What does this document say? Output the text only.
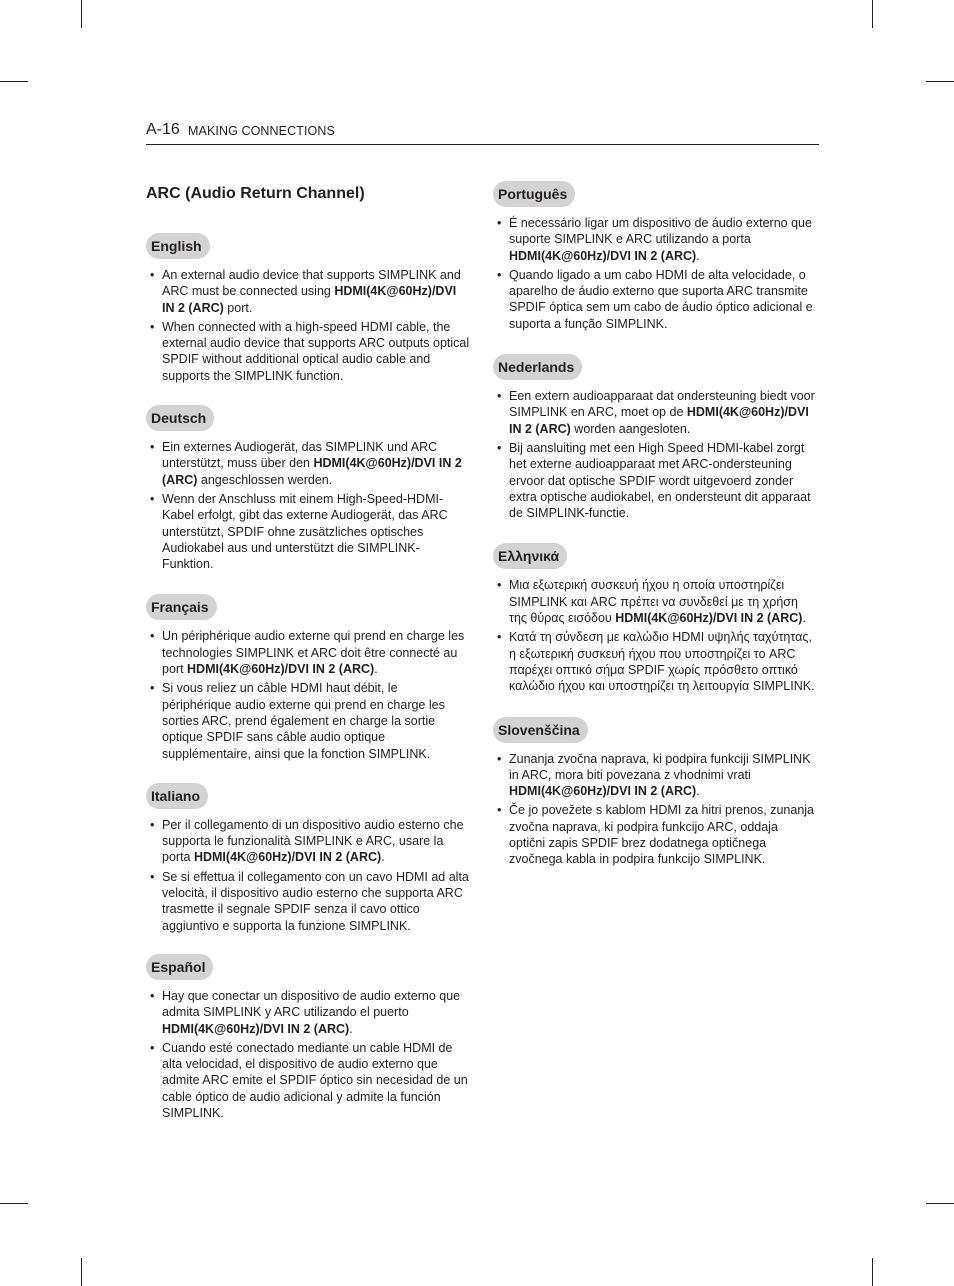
A-16 MAKING CONNECTIONS
ARC (Audio Return Channel)
English
• An external audio device that supports SIMPLINK and ARC must be connected using HDMI(4K@60Hz)/DVI IN 2 (ARC) port.
• When connected with a high-speed HDMI cable, the external audio device that supports ARC outputs optical SPDIF without additional optical audio cable and supports the SIMPLINK function.
Deutsch
• Ein externes Audiogerät, das SIMPLINK und ARC unterstützt, muss über den HDMI(4K@60Hz)/DVI IN 2 (ARC) angeschlossen werden.
• Wenn der Anschluss mit einem High-Speed-HDMI-Kabel erfolgt, gibt das externe Audiogerät, das ARC unterstützt, SPDIF ohne zusätzliches optisches Audiokabel aus und unterstützt die SIMPLINK-Funktion.
Français
• Un périphérique audio externe qui prend en charge les technologies SIMPLINK et ARC doit être connecté au port HDMI(4K@60Hz)/DVI IN 2 (ARC).
• Si vous reliez un câble HDMI haut débit, le périphérique audio externe qui prend en charge les sorties ARC, prend également en charge la sortie optique SPDIF sans câble audio optique supplémentaire, ainsi que la fonction SIMPLINK.
Italiano
• Per il collegamento di un dispositivo audio esterno che supporta le funzionalità SIMPLINK e ARC, usare la porta HDMI(4K@60Hz)/DVI IN 2 (ARC).
• Se si effettua il collegamento con un cavo HDMI ad alta velocità, il dispositivo audio esterno che supporta ARC trasmette il segnale SPDIF senza il cavo ottico aggiuntivo e supporta la funzione SIMPLINK.
Español
• Hay que conectar un dispositivo de audio externo que admita SIMPLINK y ARC utilizando el puerto HDMI(4K@60Hz)/DVI IN 2 (ARC).
• Cuando esté conectado mediante un cable HDMI de alta velocidad, el dispositivo de audio externo que admite ARC emite el SPDIF óptico sin necesidad de un cable óptico de audio adicional y admite la función SIMPLINK.
Português
• É necessário ligar um dispositivo de áudio externo que suporte SIMPLINK e ARC utilizando a porta HDMI(4K@60Hz)/DVI IN 2 (ARC).
• Quando ligado a um cabo HDMI de alta velocidade, o aparelho de áudio externo que suporta ARC transmite SPDIF óptica sem um cabo de áudio óptico adicional e suporta a função SIMPLINK.
Nederlands
• Een extern audioapparaat dat ondersteuning biedt voor SIMPLINK en ARC, moet op de HDMI(4K@60Hz)/DVI IN 2 (ARC) worden aangesloten.
• Bij aansluiting met een High Speed HDMI-kabel zorgt het externe audioapparaat met ARC-ondersteuning ervoor dat optische SPDIF wordt uitgevoerd zonder extra optische audiokabel, en ondersteunt dit apparaat de SIMPLINK-functie.
Ελληνικά
• Μια εξωτερική συσκευή ήχου η οποία υποστηρίζει SIMPLINK και ARC πρέπει να συνδεθεί με τη χρήση της θύρας εισόδου HDMI(4K@60Hz)/DVI IN 2 (ARC).
• Κατά τη σύνδεση με καλώδιο HDMI υψηλής ταχύτητας, η εξωτερική συσκευή ήχου που υποστηρίζει το ARC παρέχει οπτικό σήμα SPDIF χωρίς πρόσθετο οπτικό καλώδιο ήχου και υποστηρίζει τη λειτουργία SIMPLINK.
Slovenščina
• Zunanja zvočna naprava, ki podpira funkciji SIMPLINK in ARC, mora biti povezana z vhodnimi vrati HDMI(4K@60Hz)/DVI IN 2 (ARC).
• Če jo povežete s kablom HDMI za hitri prenos, zunanja zvočna naprava, ki podpira funkcijo ARC, oddaja optični zapis SPDIF brez dodatnega optičnega zvočnega kabla in podpira funkcijo SIMPLINK.
